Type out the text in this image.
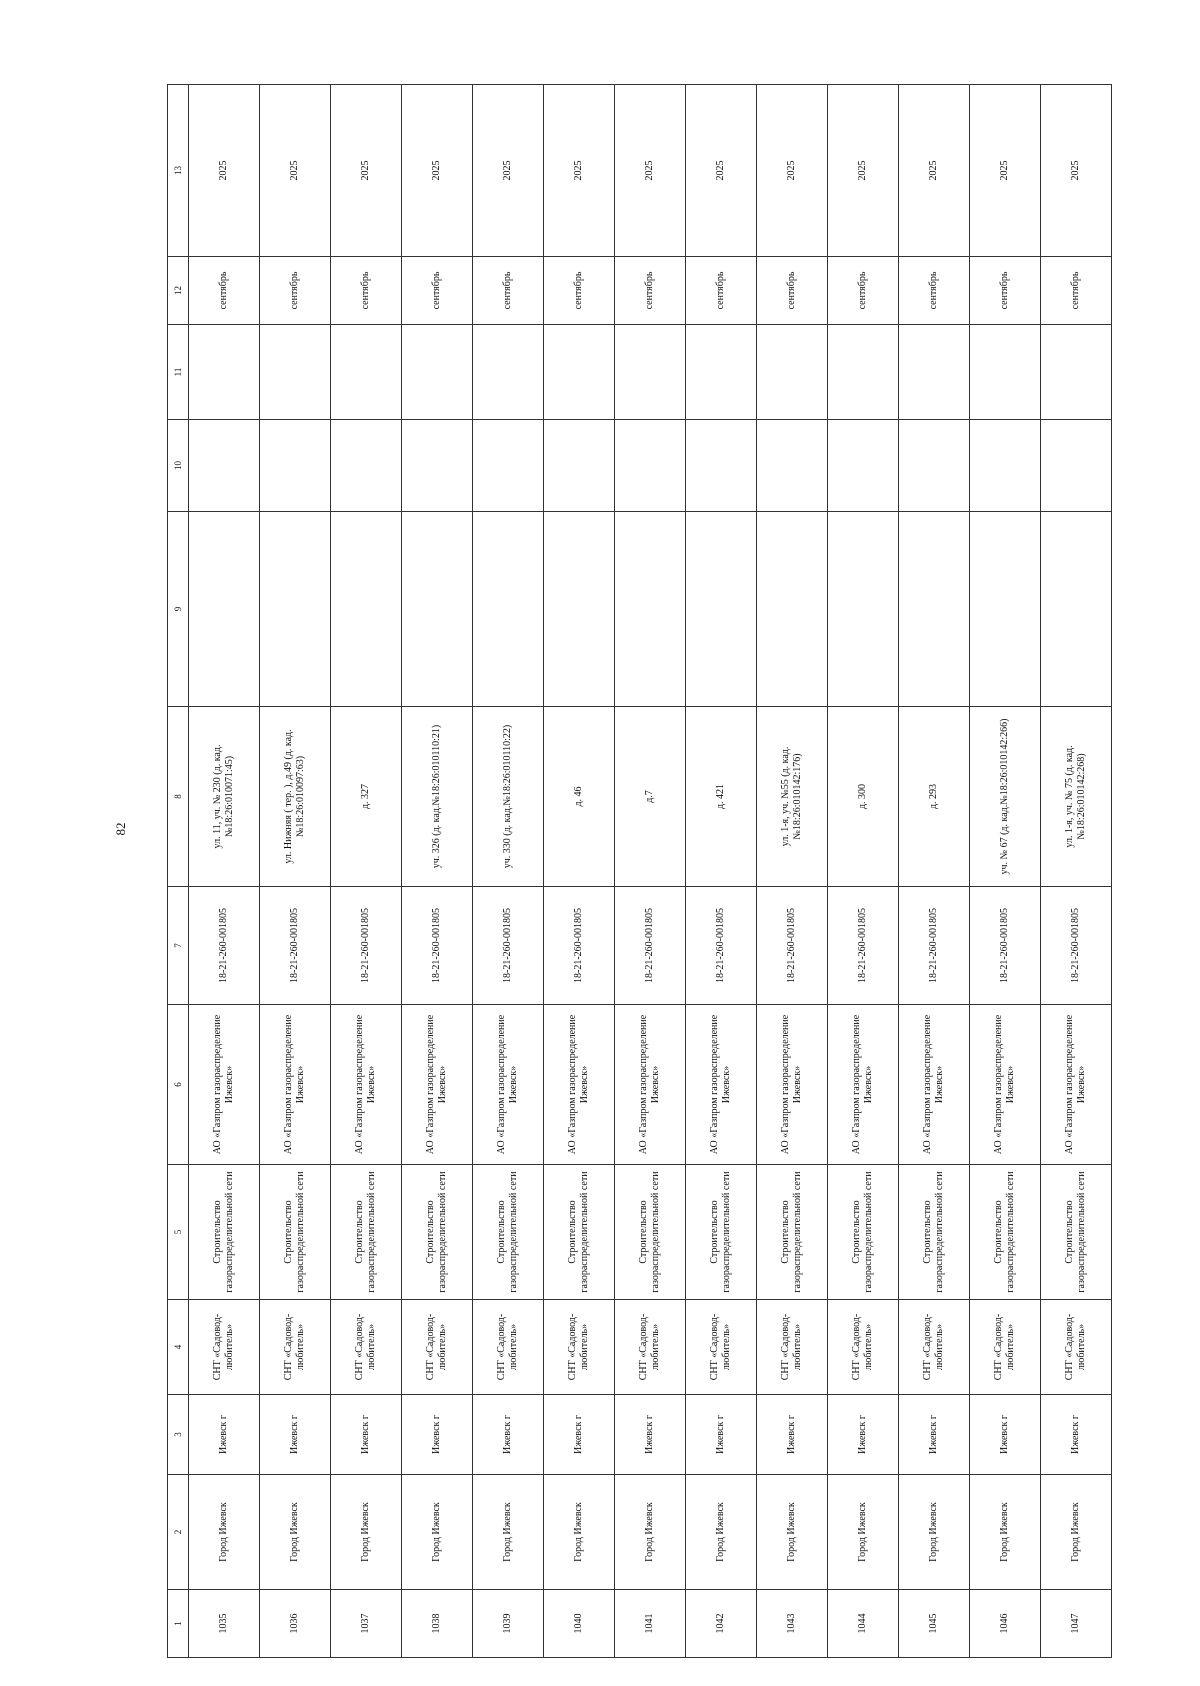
82
1	2	3	4	5	6	7	8	9	10	11	12	13
1035	Город Ижевск	Ижевск г	СНТ «Садовод-любитель»	Строительство газораспределительной сети	АО «Газпром газораспределение Ижевск»	18-21-260-001805	ул. 11, уч. № 230 (д. кад.№18:26:010071:45)				сентябрь	2025
1036	Город Ижевск	Ижевск г	СНТ «Садовод-любитель»	Строительство газораспределительной сети	АО «Газпром газораспределение Ижевск»	18-21-260-001805	ул. Нижняя ( тер. ), д.49 (д. кад.№18:26:010097:63)				сентябрь	2025
1037	Город Ижевск	Ижевск г	СНТ «Садовод-любитель»	Строительство газораспределительной сети	АО «Газпром газораспределение Ижевск»	18-21-260-001805	д. 327				сентябрь	2025
1038	Город Ижевск	Ижевск г	СНТ «Садовод-любитель»	Строительство газораспределительной сети	АО «Газпром газораспределение Ижевск»	18-21-260-001805	уч. 326 (д. кад.№18:26:010110:21)				сентябрь	2025
1039	Город Ижевск	Ижевск г	СНТ «Садовод-любитель»	Строительство газораспределительной сети	АО «Газпром газораспределение Ижевск»	18-21-260-001805	уч. 330 (д. кад.№18:26:010110:22)				сентябрь	2025
1040	Город Ижевск	Ижевск г	СНТ «Садовод-любитель»	Строительство газораспределительной сети	АО «Газпром газораспределение Ижевск»	18-21-260-001805	д. 46				сентябрь	2025
1041	Город Ижевск	Ижевск г	СНТ «Садовод-любитель»	Строительство газораспределительной сети	АО «Газпром газораспределение Ижевск»	18-21-260-001805	д.7				сентябрь	2025
1042	Город Ижевск	Ижевск г	СНТ «Садовод-любитель»	Строительство газораспределительной сети	АО «Газпром газораспределение Ижевск»	18-21-260-001805	д. 421				сентябрь	2025
1043	Город Ижевск	Ижевск г	СНТ «Садовод-любитель»	Строительство газораспределительной сети	АО «Газпром газораспределение Ижевск»	18-21-260-001805	ул. 1-я, уч. №55 (д. кад.№18:26:010142:176)				сентябрь	2025
1044	Город Ижевск	Ижевск г	СНТ «Садовод-любитель»	Строительство газораспределительной сети	АО «Газпром газораспределение Ижевск»	18-21-260-001805	д. 300				сентябрь	2025
1045	Город Ижевск	Ижевск г	СНТ «Садовод-любитель»	Строительство газораспределительной сети	АО «Газпром газораспределение Ижевск»	18-21-260-001805	д. 293				сентябрь	2025
1046	Город Ижевск	Ижевск г	СНТ «Садовод-любитель»	Строительство газораспределительной сети	АО «Газпром газораспределение Ижевск»	18-21-260-001805	уч. № 67 (д. кад.№18:26:010142:266)				сентябрь	2025
1047	Город Ижевск	Ижевск г	СНТ «Садовод-любитель»	Строительство газораспределительной сети	АО «Газпром газораспределение Ижевск»	18-21-260-001805	ул. 1-я, уч. № 75 (д. кад.№18:26:010142:268)				сентябрь	2025
